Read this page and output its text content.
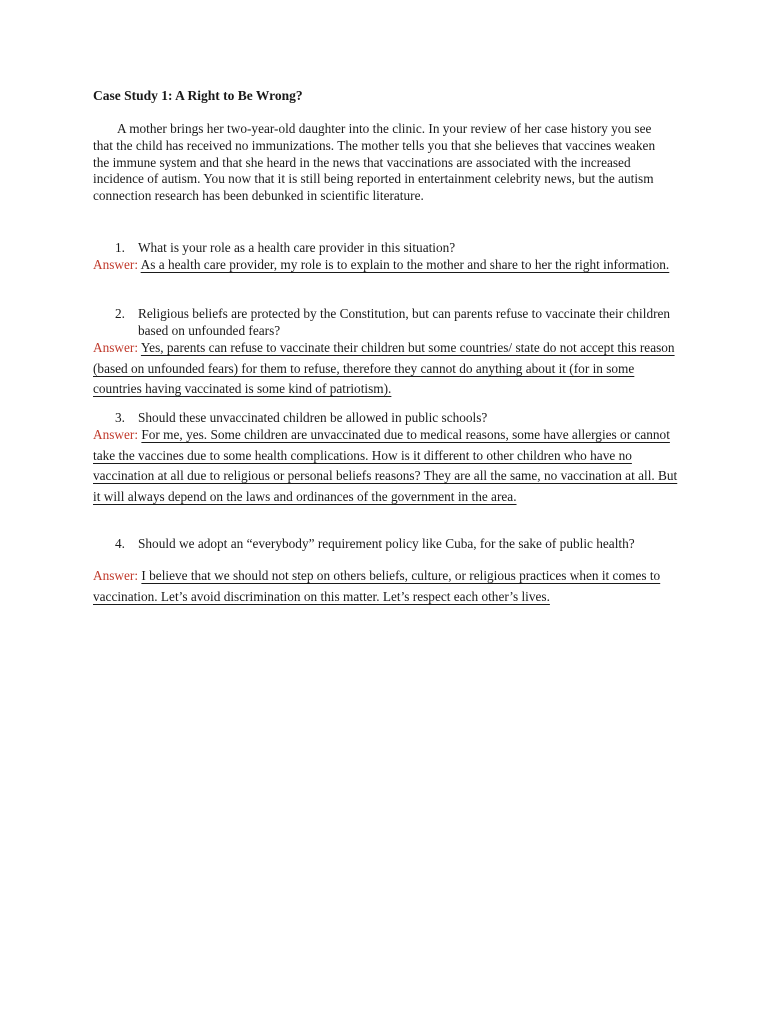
Case Study 1: A Right to Be Wrong?
A mother brings her two-year-old daughter into the clinic. In your review of her case history you see that the child has received no immunizations. The mother tells you that she believes that vaccines weaken the immune system and that she heard in the news that vaccinations are associated with the increased incidence of autism. You now that it is still being reported in entertainment celebrity news, but the autism connection research has been debunked in scientific literature.
1. What is your role as a health care provider in this situation?
Answer: As a health care provider, my role is to explain to the mother and share to her the right information.
2. Religious beliefs are protected by the Constitution, but can parents refuse to vaccinate their children based on unfounded fears?
Answer: Yes, parents can refuse to vaccinate their children but some countries/ state do not accept this reason (based on unfounded fears) for them to refuse, therefore they cannot do anything about it (for in some countries having vaccinated is some kind of patriotism).
3. Should these unvaccinated children be allowed in public schools?
Answer: For me, yes. Some children are unvaccinated due to medical reasons, some have allergies or cannot take the vaccines due to some health complications. How is it different to other children who have no vaccination at all due to religious or personal beliefs reasons? They are all the same, no vaccination at all. But it will always depend on the laws and ordinances of the government in the area.
4. Should we adopt an “everybody” requirement policy like Cuba, for the sake of public health?
Answer: I believe that we should not step on others beliefs, culture, or religious practices when it comes to vaccination. Let’s avoid discrimination on this matter. Let’s respect each other’s lives.
